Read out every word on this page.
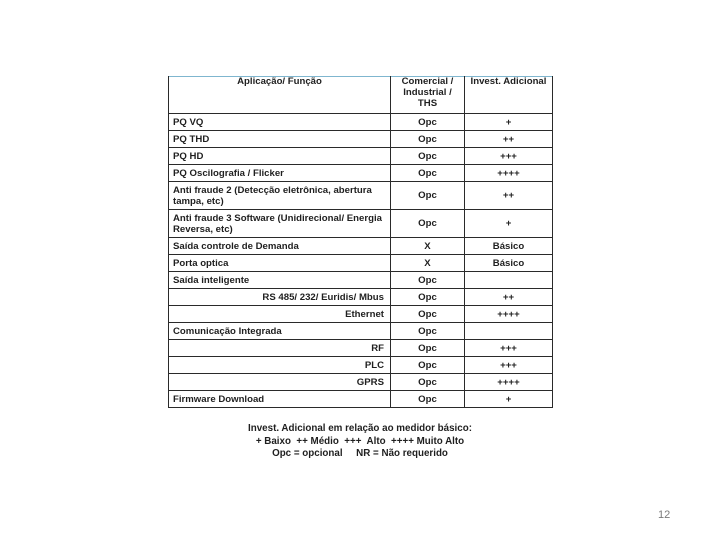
Aplicação/ Função	Comercial / Industrial / THS	Invest. Adicional
PQ VQ	Opc	+
PQ THD	Opc	++
PQ HD	Opc	+++
PQ Oscilografia / Flicker	Opc	++++
Anti fraude 2 (Detecção eletrônica, abertura tampa, etc)	Opc	++
Anti fraude 3 Software (Unidirecional/ Energia Reversa, etc)	Opc	+
Saída controle de Demanda	X	Básico
Porta optica	X	Básico
Saída inteligente	Opc	
RS 485/ 232/ Euridis/ Mbus	Opc	++
Ethernet	Opc	++++
Comunicação Integrada	Opc	
RF	Opc	+++
PLC	Opc	+++
GPRS	Opc	++++
Firmware Download	Opc	+
Invest. Adicional em relação ao medidor básico:
+ Baixo  ++ Médio  +++  Alto  ++++ Muito Alto
Opc = opcional     NR = Não requerido
12
